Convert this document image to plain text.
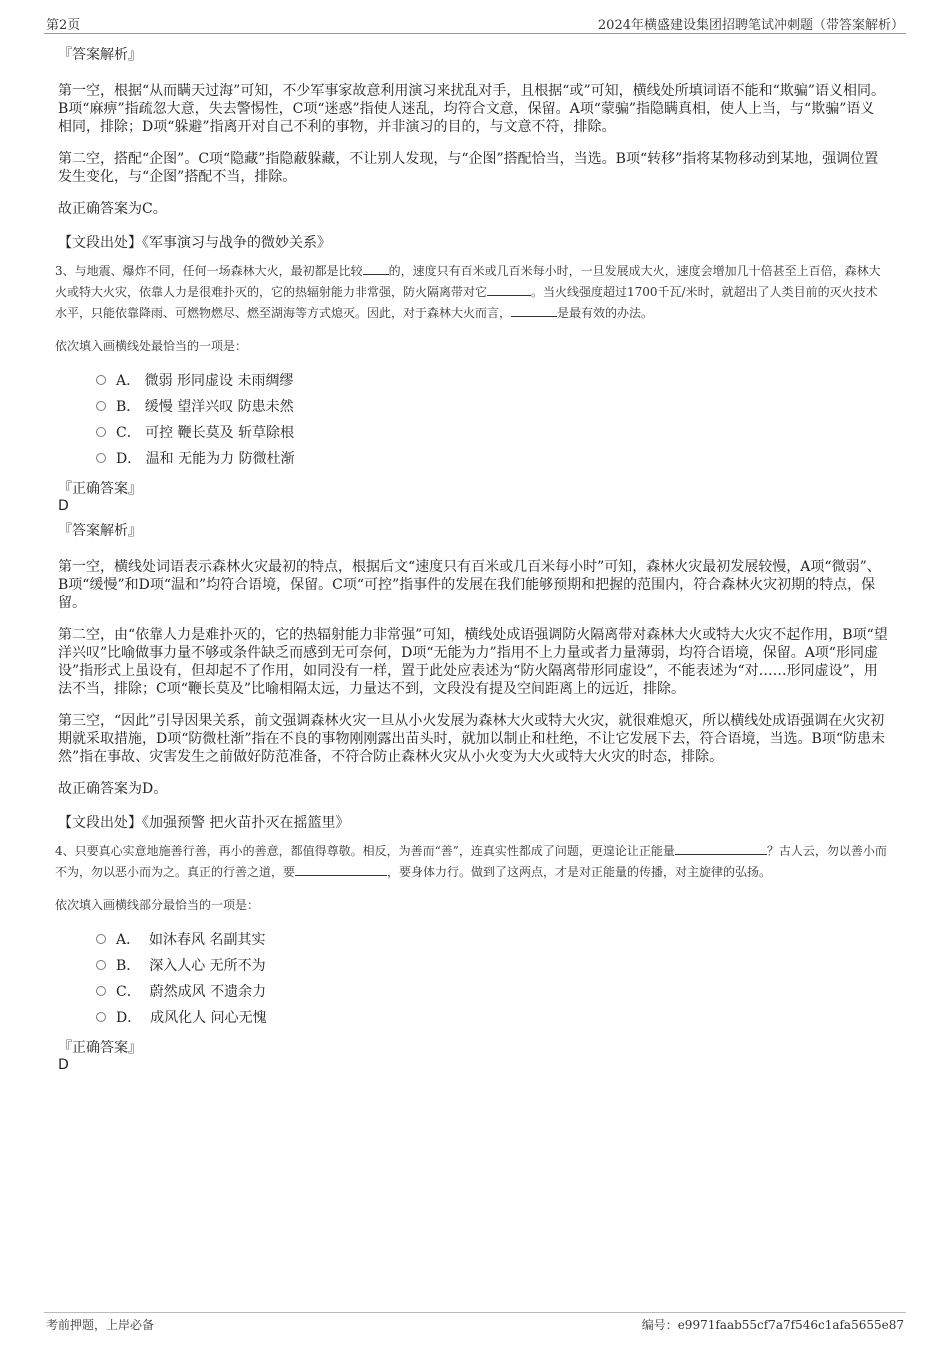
第2页	2024年横盛建设集团招聘笔试冲刺题（带答案解析）
『答案解析』

第一空，根据“从而瞒天过海”可知，不少军事家故意利用演习来扰乱对手，且根据“或”可知，横线处所填词语不能和“欺骗”语义相同。B项“麻痹”指疏忽大意，失去警惕性，C项“迷惑”指使人迷乱，均符合文意，保留。A项“蒙骗”指隐瞒真相，使人上当，与“欺骗”语义相同，排除；D项“躲避”指离开对自己不利的事物，并非演习的目的，与文意不符，排除。

第二空，搭配“企图”。C项“隐藏”指隐蔽躲藏，不让别人发现，与“企图”搭配恰当，当选。B项“转移”指将某物移动到某地，强调位置发生变化，与“企图”搭配不当，排除。

故正确答案为C。

【文段出处】《军事演习与战争的微妙关系》

3、与地震、爆炸不同，任何一场森林大火，最初都是比较 的，速度只有百米或几百米每小时，一旦发展成大火，速度会增加几十倍甚至上百倍，森林大火或特大火灾，依靠人力是很难扑灭的，它的热辐射能力非常强，防火隔离带对它	。当火线强度超过1700千瓦/米时，就超出了人类目前的灭火技术水平，只能依靠降雨、可燃物燃尽、燃至湖海等方式熄灭。因此，对于森林大火而言，	是最有效的办法。

依次填入画横线处最恰当的一项是：
A． 微弱 形同虚设 未雨绸缪
B． 缓慢 望洋兴叹 防患未然
C． 可控 鞭长莫及 斩草除根
D． 温和 无能为力 防微杜渐
『正确答案』
D
『答案解析』

第一空，横线处词语表示森林火灾最初的特点，根据后文“速度只有百米或几百米每小时”可知，森林火灾最初发展较慢，A项“微弱”、B项“缓慢”和D项“温和”均符合语境，保留。C项“可控”指事件的发展在我们能够预期和把握的范围内，符合森林火灾初期的特点，保留。

第二空，由“依靠人力是难扑灭的，它的热辐射能力非常强”可知，横线处成语强调防火隔离带对森林大火或特大火灾不起作用，B项“望洋兴叹”比喻做事力量不够或条件缺乏而感到无可奈何，D项“无能为力”指用不上力量或者力量薄弱，均符合语境，保留。A项“形同虚设”指形式上虽设有，但却起不了作用，如同没有一样，置于此处应表述为“防火隔离带形同虚设”，不能表述为“对……形同虚设”，用法不当，排除；C项“鞭长莫及”比喻相隔太远，力量达不到，文段没有提及空间距离上的远近，排除。

第三空，“因此”引导因果关系，前文强调森林火灾一旦从小火发展为森林大火或特大火灾，就很难熄灭，所以横线处成语强调在火灾初期就采取措施，D项“防微杜渐”指在不良的事物刚刚露出苗头时，就加以制止和杜绝，不让它发展下去，符合语境，当选。B项“防患未然”指在事故、灾害发生之前做好防范准备，不符合防止森林火灾从小火变为大火或特大火灾的时态，排除。

故正确答案为D。

【文段出处】《加强预警 把火苗扑灭在摇篮里》

4、只要真心实意地施善行善，再小的善意，都值得尊敬。相反，为善而“善”，连真实性都成了问题，更遑论让正能量	？古人云，勿以善小而不为，勿以恶小而为之。真正的行善之道，要	，要身体力行。做到了这两点，才是对正能量的传播，对主旋律的弘扬。

依次填入画横线部分最恰当的一项是：
A． 如沐春风 名副其实
B． 深入人心 无所不为
C． 蔚然成风 不遗余力
D． 成风化人 问心无愧
『正确答案』
D
考前押题，上岸必备	编号：e9971faab55cf7a7f546c1afa5655e87
